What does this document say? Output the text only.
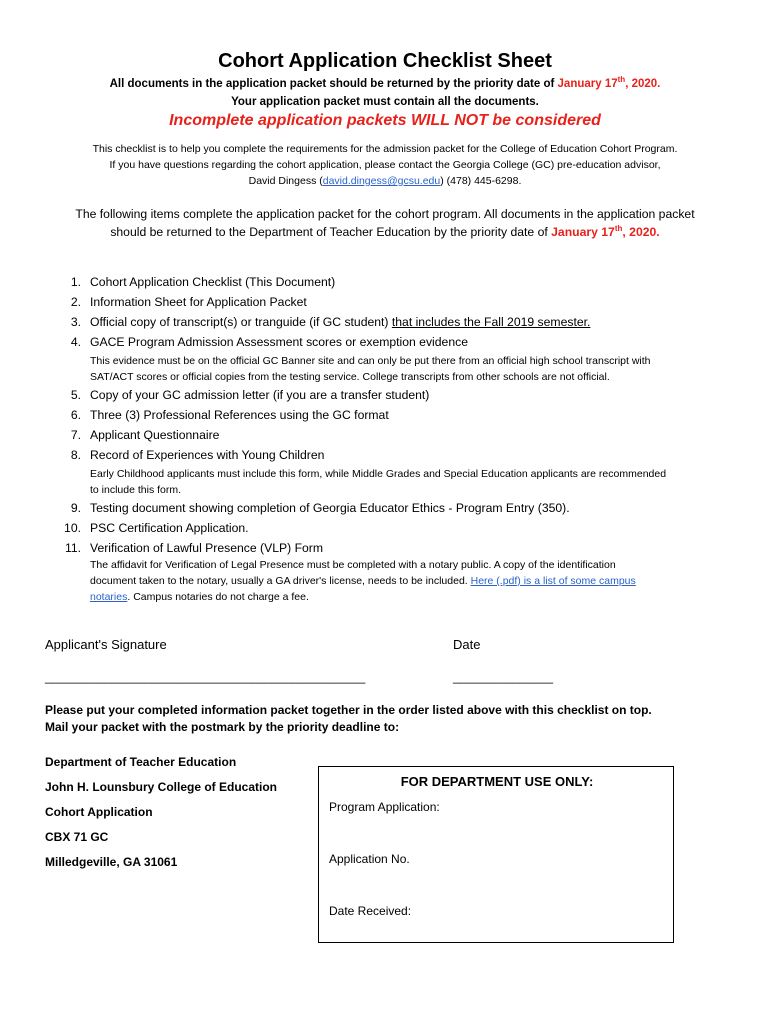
Cohort Application Checklist Sheet
All documents in the application packet should be returned by the priority date of January 17th, 2020.
Your application packet must contain all the documents.
Incomplete application packets WILL NOT be considered
This checklist is to help you complete the requirements for the admission packet for the College of Education Cohort Program.
If you have questions regarding the cohort application, please contact the Georgia College (GC) pre-education advisor,
David Dingess (david.dingess@gcsu.edu) (478) 445-6298.
The following items complete the application packet for the cohort program. All documents in the application packet
should be returned to the Department of Teacher Education by the priority date of January 17th, 2020.
1. Cohort Application Checklist (This Document)
2. Information Sheet for Application Packet
3. Official copy of transcript(s) or tranguide (if GC student) that includes the Fall 2019 semester.
4. GACE Program Admission Assessment scores or exemption evidence
This evidence must be on the official GC Banner site and can only be put there from an official high school transcript with
SAT/ACT scores or official copies from the testing service. College transcripts from other schools are not official.
5. Copy of your GC admission letter (if you are a transfer student)
6. Three (3) Professional References using the GC format
7. Applicant Questionnaire
8. Record of Experiences with Young Children
Early Childhood applicants must include this form, while Middle Grades and Special Education applicants are recommended
to include this form.
9. Testing document showing completion of Georgia Educator Ethics - Program Entry (350).
10. PSC Certification Application.
11. Verification of Lawful Presence (VLP) Form
The affidavit for Verification of Legal Presence must be completed with a notary public. A copy of the identification
document taken to the notary, usually a GA driver's license, needs to be included. Here (.pdf) is a list of some campus
notaries. Campus notaries do not charge a fee.
Applicant's Signature	Date
________________________________________________	_______________
Please put your completed information packet together in the order listed above with this checklist on top.
Mail your packet with the postmark by the priority deadline to:
Department of Teacher Education
John H. Lounsbury College of Education
Cohort Application
CBX 71 GC
Milledgeville, GA 31061
FOR DEPARTMENT USE ONLY:
Program Application:
Application No.
Date Received:
